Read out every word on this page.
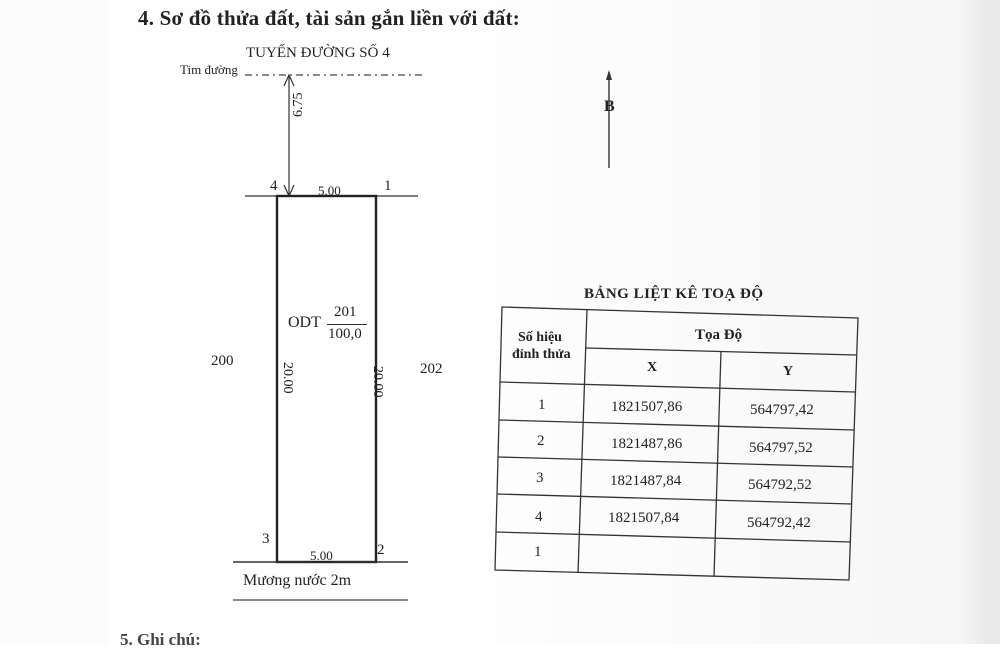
4. Sơ đồ thửa đất, tài sản gắn liền với đất:
TUYẾN ĐƯỜNG SỐ 4
Tim đường
B
6.75
4	1
3
2
5.00
5.00
20.00	20.00
ODT
201
100,0
200	202
Mương nước 2m
BẢNG LIỆT KÊ TOẠ ĐỘ
Số hiệu
đỉnh thửa
Tọa Độ
X	Y
1	1821507,86	564797,42
2	1821487,86	564797,52
3	1821487,84	564792,52
4	1821507,84	564792,42
1
5. Ghi chú:
